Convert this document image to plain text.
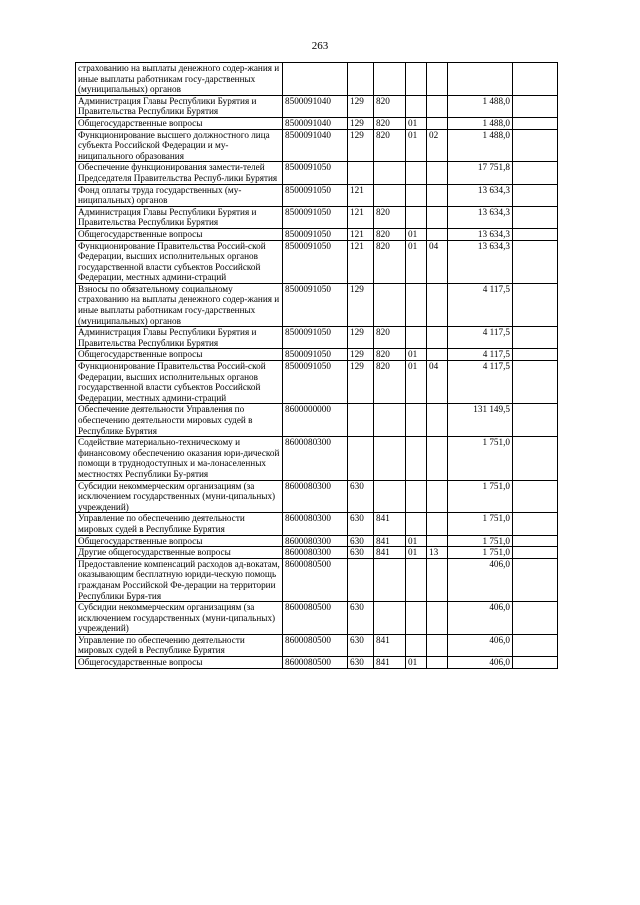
263
страхованию на выплаты денежного содер-жания и иные выплаты работникам госу-дарственных (муниципальных) органов							
Администрация Главы Республики Бурятия и Правительства Республики Бурятия	8500091040	129	820			1 488,0	
Общегосударственные вопросы	8500091040	129	820	01		1 488,0	
Функционирование высшего должностного лица субъекта Российской Федерации и му-ниципального образования	8500091040	129	820	01	02	1 488,0	
Обеспечение функционирования замести-телей Председателя Правительства Респуб-лики Бурятия	8500091050					17 751,8	
Фонд оплаты труда государственных (му-ниципальных) органов	8500091050	121				13 634,3	
Администрация Главы Республики Бурятия и Правительства Республики Бурятия	8500091050	121	820			13 634,3	
Общегосударственные вопросы	8500091050	121	820	01		13 634,3	
Функционирование Правительства Россий-ской Федерации, высших исполнительных органов государственной власти субъектов Российской Федерации, местных админи-страций	8500091050	121	820	01	04	13 634,3	
Взносы по обязательному социальному страхованию на выплаты денежного содер-жания и иные выплаты работникам госу-дарственных (муниципальных) органов	8500091050	129				4 117,5	
Администрация Главы Республики Бурятия и Правительства Республики Бурятия	8500091050	129	820			4 117,5	
Общегосударственные вопросы	8500091050	129	820	01		4 117,5	
Функционирование Правительства Россий-ской Федерации, высших исполнительных органов государственной власти субъектов Российской Федерации, местных админи-страций	8500091050	129	820	01	04	4 117,5	
Обеспечение деятельности Управления по обеспечению деятельности мировых судей в Республике Бурятия	8600000000					131 149,5	
Содействие материально-техническому и финансовому обеспечению оказания юри-дической помощи в труднодоступных и ма-лонаселенных местностях Республики Бу-рятия	8600080300					1 751,0	
Субсидии некоммерческим организациям (за исключением государственных (муни-ципальных) учреждений)	8600080300	630				1 751,0	
Управление по обеспечению деятельности мировых судей в Республике Бурятия	8600080300	630	841			1 751,0	
Общегосударственные вопросы	8600080300	630	841	01		1 751,0	
Другие общегосударственные вопросы	8600080300	630	841	01	13	1 751,0	
Предоставление компенсаций расходов ад-вокатам, оказывающим бесплатную юриди-ческую помощь гражданам Российской Фе-дерации на территории Республики Буря-тия	8600080500					406,0	
Субсидии некоммерческим организациям (за исключением государственных (муни-ципальных) учреждений)	8600080500	630				406,0	
Управление по обеспечению деятельности мировых судей в Республике Бурятия	8600080500	630	841			406,0	
Общегосударственные вопросы	8600080500	630	841	01		406,0	
